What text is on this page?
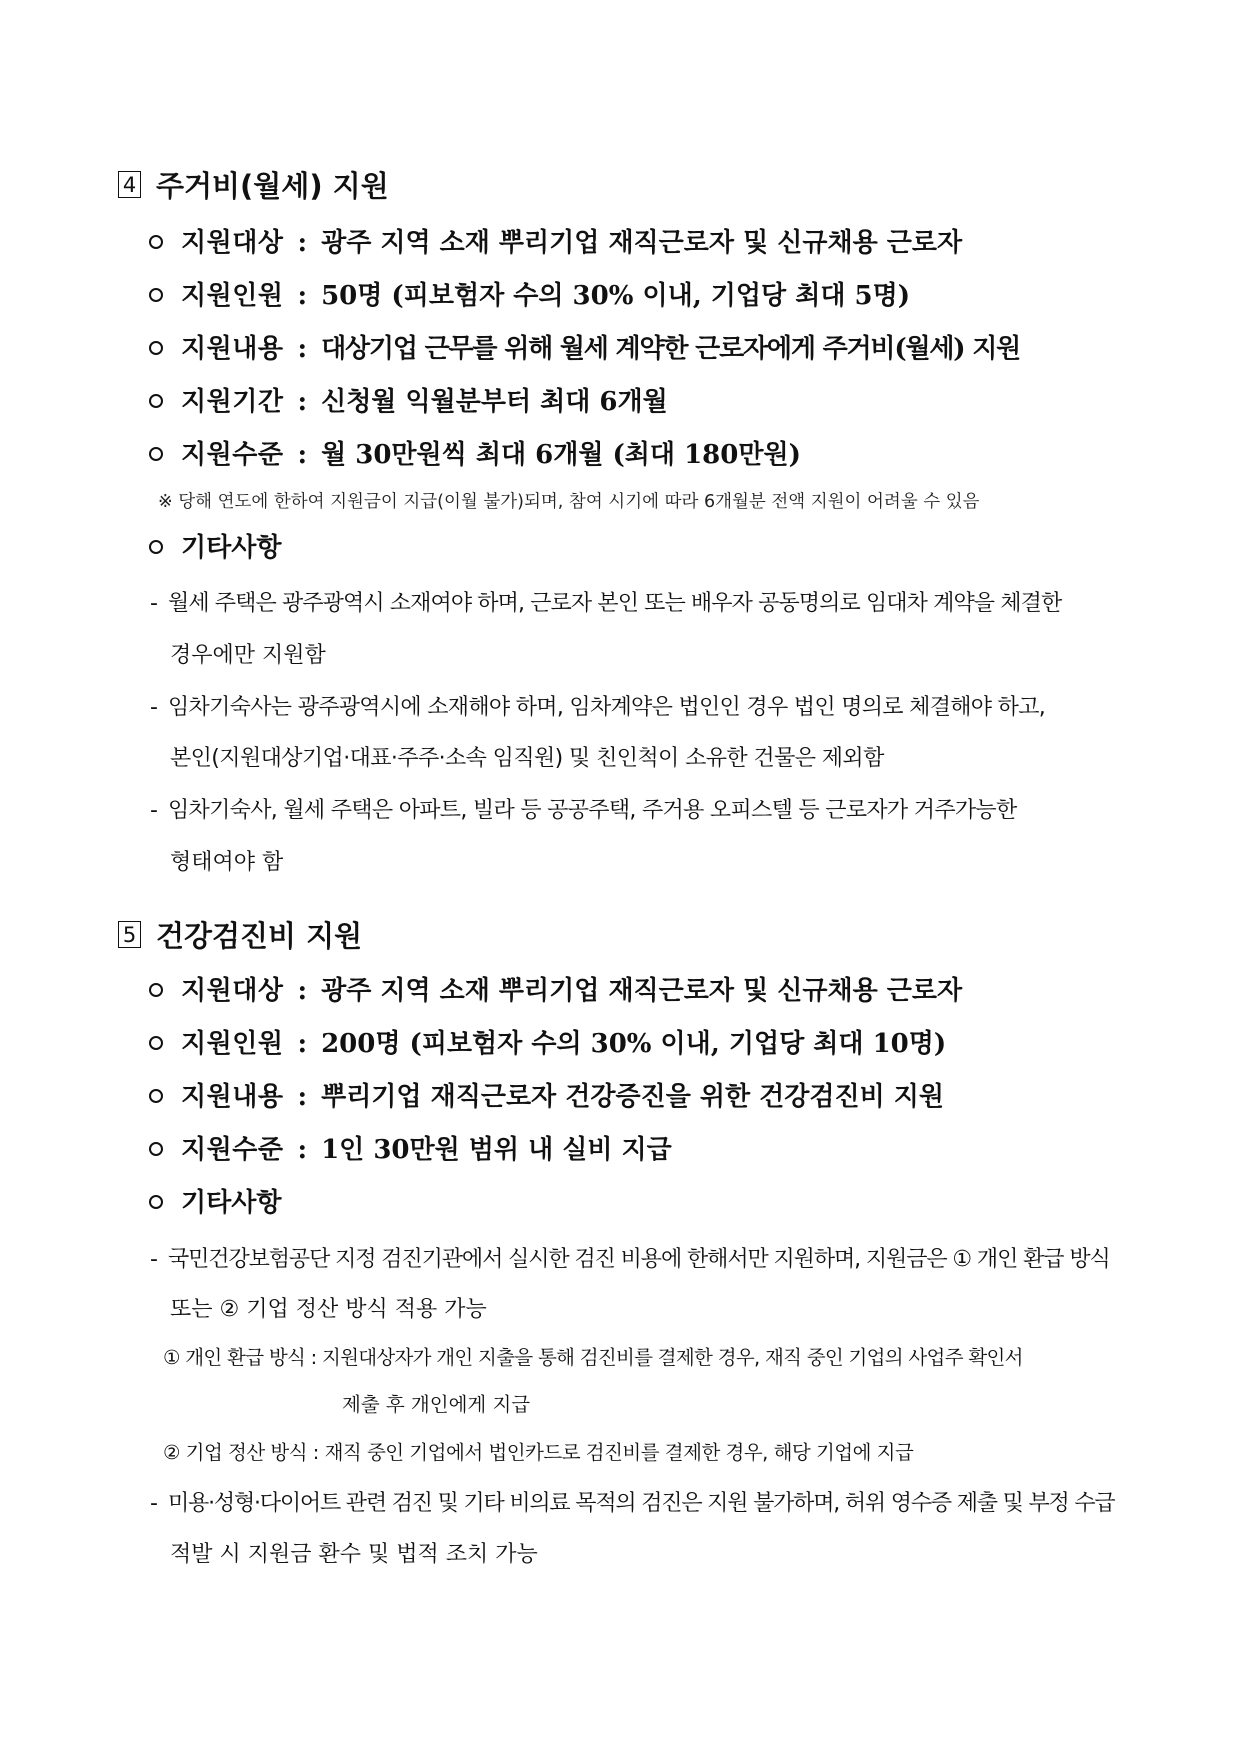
4 주거비(월세) 지원
지원대상 : 광주 지역 소재 뿌리기업 재직근로자 및 신규채용 근로자
지원인원 : 50명 (피보험자 수의 30% 이내, 기업당 최대 5명)
지원내용 : 대상기업 근무를 위해 월세 계약한 근로자에게 주거비(월세) 지원
지원기간 : 신청월 익월분부터 최대 6개월
지원수준 : 월 30만원씩 최대 6개월 (최대 180만원)
※ 당해 연도에 한하여 지원금이 지급(이월 불가)되며, 참여 시기에 따라 6개월분 전액 지원이 어려울 수 있음
기타사항
- 월세 주택은 광주광역시 소재여야 하며, 근로자 본인 또는 배우자 공동명의로 임대차 계약을 체결한
경우에만 지원함
- 임차기숙사는 광주광역시에 소재해야 하며, 임차계약은 법인인 경우 법인 명의로 체결해야 하고,
본인(지원대상기업·대표·주주·소속 임직원) 및 친인척이 소유한 건물은 제외함
- 임차기숙사, 월세 주택은 아파트, 빌라 등 공공주택, 주거용 오피스텔 등 근로자가 거주가능한
형태여야 함
5 건강검진비 지원
지원대상 : 광주 지역 소재 뿌리기업 재직근로자 및 신규채용 근로자
지원인원 : 200명 (피보험자 수의 30% 이내, 기업당 최대 10명)
지원내용 : 뿌리기업 재직근로자 건강증진을 위한 건강검진비 지원
지원수준 : 1인 30만원 범위 내 실비 지급
기타사항
- 국민건강보험공단 지정 검진기관에서 실시한 검진 비용에 한해서만 지원하며, 지원금은 ① 개인 환급 방식
또는 ② 기업 정산 방식 적용 가능
① 개인 환급 방식 : 지원대상자가 개인 지출을 통해 검진비를 결제한 경우, 재직 중인 기업의 사업주 확인서
제출 후 개인에게 지급
② 기업 정산 방식 : 재직 중인 기업에서 법인카드로 검진비를 결제한 경우, 해당 기업에 지급
- 미용·성형·다이어트 관련 검진 및 기타 비의료 목적의 검진은 지원 불가하며, 허위 영수증 제출 및 부정 수급
적발 시 지원금 환수 및 법적 조치 가능
